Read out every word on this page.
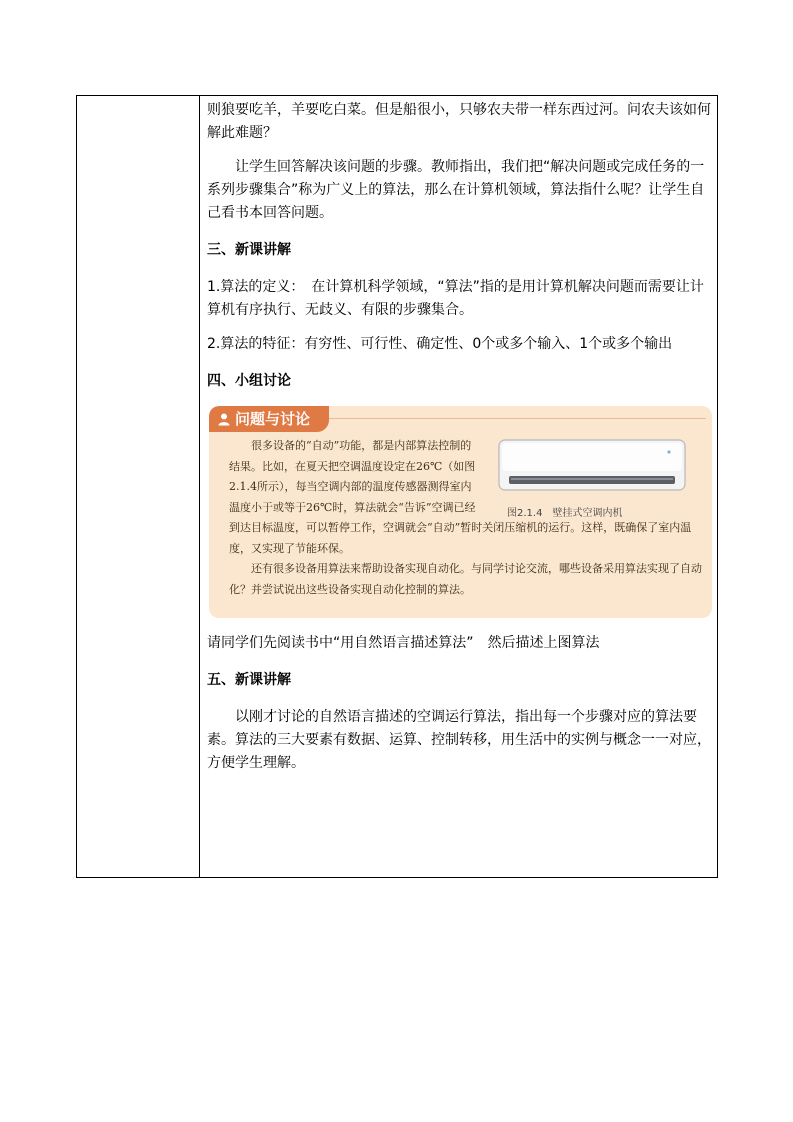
则狼要吃羊，羊要吃白菜。但是船很小，只够农夫带一样东西过河。问农夫该如何解此难题？

让学生回答解决该问题的步骤。教师指出，我们把“解决问题或完成任务的一系列步骤集合”称为广义上的算法，那么在计算机领域，算法指什么呢？让学生自己看书本回答问题。

三、新课讲解

1.算法的定义：　在计算机科学领域，“算法”指的是用计算机解决问题而需要让计算机有序执行、无歧义、有限的步骤集合。

2.算法的特征：有穷性、可行性、确定性、0个或多个输入、1个或多个输出

四、小组讨论

问题与讨论
图2.1.4　壁挂式空调内机

很多设备的“自动”功能，都是内部算法控制的结果。比如，在夏天把空调温度设定在26℃（如图2.1.4所示），每当空调内部的温度传感器测得室内温度小于或等于26℃时，算法就会“告诉”空调已经

到达目标温度，可以暂停工作，空调就会“自动”暂时关闭压缩机的运行。这样，既确保了室内温度，又实现了节能环保。

还有很多设备用算法来帮助设备实现自动化。与同学讨论交流，哪些设备采用算法实现了自动化？并尝试说出这些设备实现自动化控制的算法。

请同学们先阅读书中“用自然语言描述算法”　然后描述上图算法

五、新课讲解

以刚才讨论的自然语言描述的空调运行算法，指出每一个步骤对应的算法要素。算法的三大要素有数据、运算、控制转移，用生活中的实例与概念一一对应，方便学生理解。
